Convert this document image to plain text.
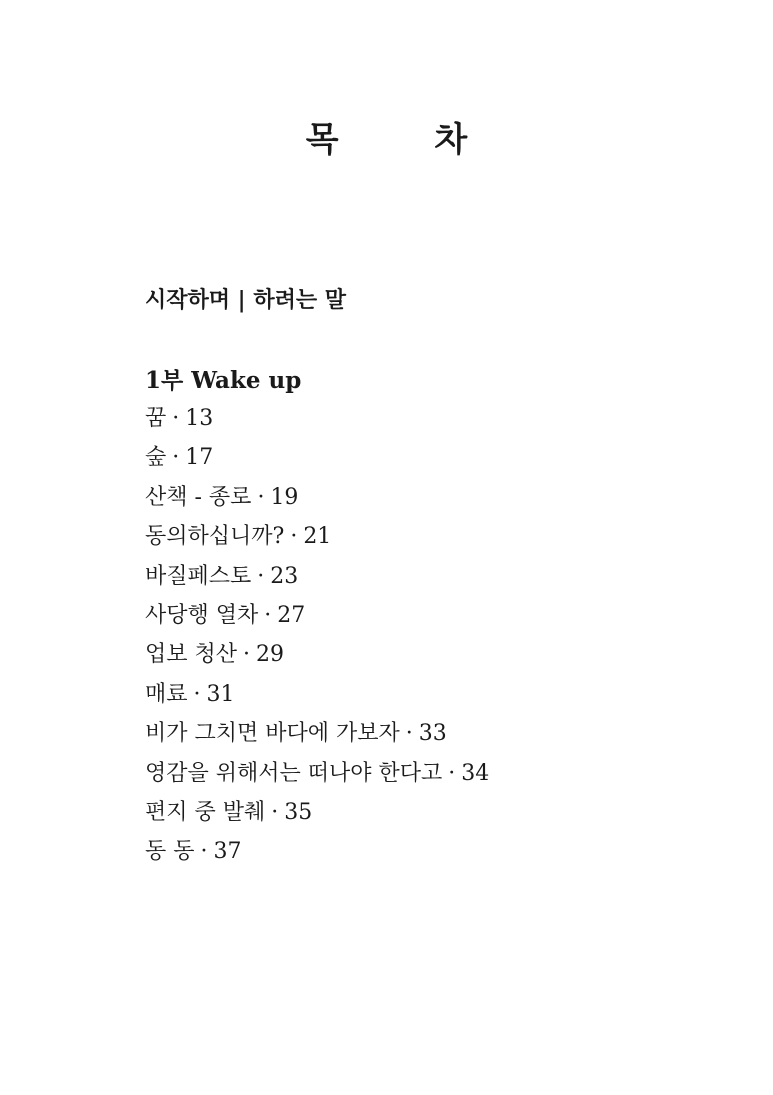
목 차

시작하며 | 하려는 말

1부 Wake up
꿈 · 13
숲 · 17
산책 - 종로 · 19
동의하십니까? · 21
바질페스토 · 23
사당행 열차 · 27
업보 청산 · 29
매료 · 31
비가 그치면 바다에 가보자 · 33
영감을 위해서는 떠나야 한다고 · 34
편지 중 발췌 · 35
동 동 · 37
